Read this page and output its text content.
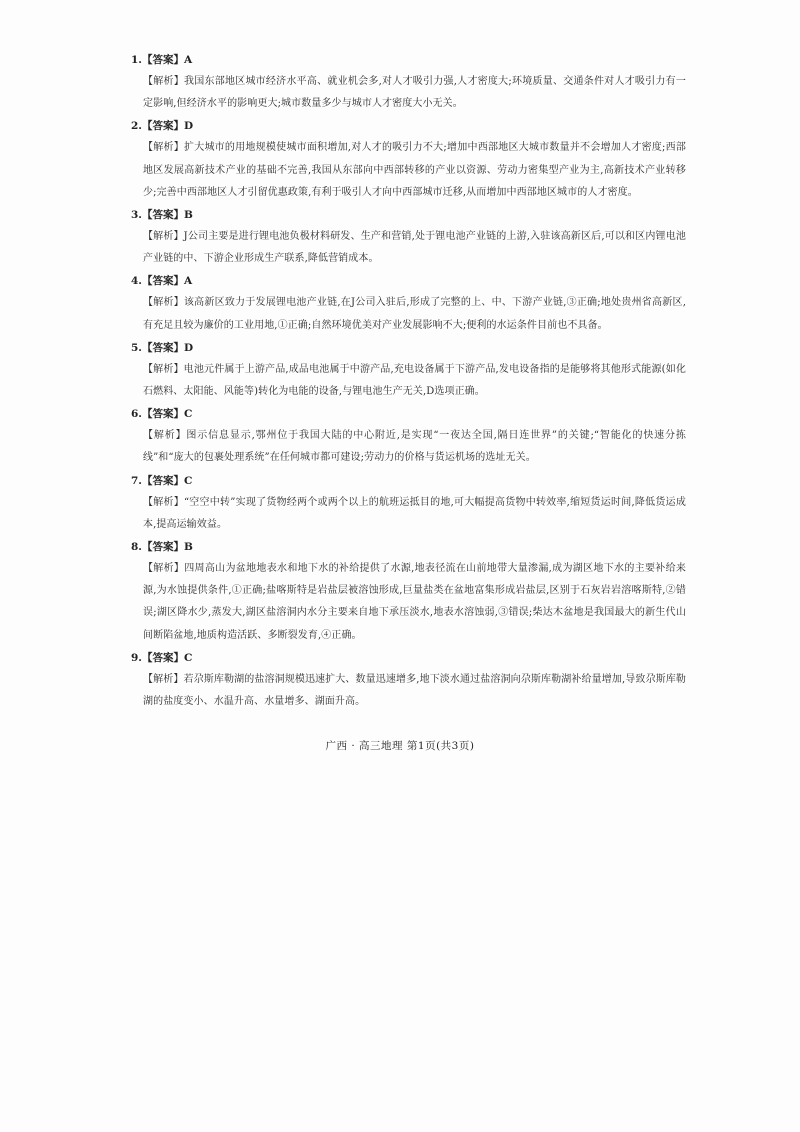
1.【答案】A
【解析】我国东部地区城市经济水平高、就业机会多,对人才吸引力强,人才密度大;环境质量、交通条件对人才吸引力有一定影响,但经济水平的影响更大;城市数量多少与城市人才密度大小无关。
2.【答案】D
【解析】扩大城市的用地规模使城市面积增加,对人才的吸引力不大;增加中西部地区大城市数量并不会增加人才密度;西部地区发展高新技术产业的基础不完善,我国从东部向中西部转移的产业以资源、劳动力密集型产业为主,高新技术产业转移少;完善中西部地区人才引留优惠政策,有利于吸引人才向中西部城市迁移,从而增加中西部地区城市的人才密度。
3.【答案】B
【解析】J公司主要是进行锂电池负极材料研发、生产和营销,处于锂电池产业链的上游,入驻该高新区后,可以和区内锂电池产业链的中、下游企业形成生产联系,降低营销成本。
4.【答案】A
【解析】该高新区致力于发展锂电池产业链,在J公司入驻后,形成了完整的上、中、下游产业链,③正确;地处贵州省高新区,有充足且较为廉价的工业用地,①正确;自然环境优美对产业发展影响不大;便利的水运条件目前也不具备。
5.【答案】D
【解析】电池元件属于上游产品,成品电池属于中游产品,充电设备属于下游产品,发电设备指的是能够将其他形式能源(如化石燃料、太阳能、风能等)转化为电能的设备,与锂电池生产无关,D选项正确。
6.【答案】C
【解析】图示信息显示,鄂州位于我国大陆的中心附近,是实现“一夜达全国,隔日连世界”的关键;“智能化的快速分拣线”和“庞大的包裹处理系统”在任何城市都可建设;劳动力的价格与货运机场的选址无关。
7.【答案】C
【解析】“空空中转”实现了货物经两个或两个以上的航班运抵目的地,可大幅提高货物中转效率,缩短货运时间,降低货运成本,提高运输效益。
8.【答案】B
【解析】四周高山为盆地地表水和地下水的补给提供了水源,地表径流在山前地带大量渗漏,成为湖区地下水的主要补给来源,为水蚀提供条件,①正确;盐喀斯特是岩盐层被溶蚀形成,巨量盐类在盆地富集形成岩盐层,区别于石灰岩岩溶喀斯特,②错误;湖区降水少,蒸发大,湖区盐溶洞内水分主要来自地下承压淡水,地表水溶蚀弱,③错误;柴达木盆地是我国最大的新生代山间断陷盆地,地质构造活跃、多断裂发育,④正确。
9.【答案】C
【解析】若尕斯库勒湖的盐溶洞规模迅速扩大、数量迅速增多,地下淡水通过盐溶洞向尕斯库勒湖补给量增加,导致尕斯库勒湖的盐度变小、水温升高、水量增多、湖面升高。
广西 · 高三地理 第1页(共3页)
